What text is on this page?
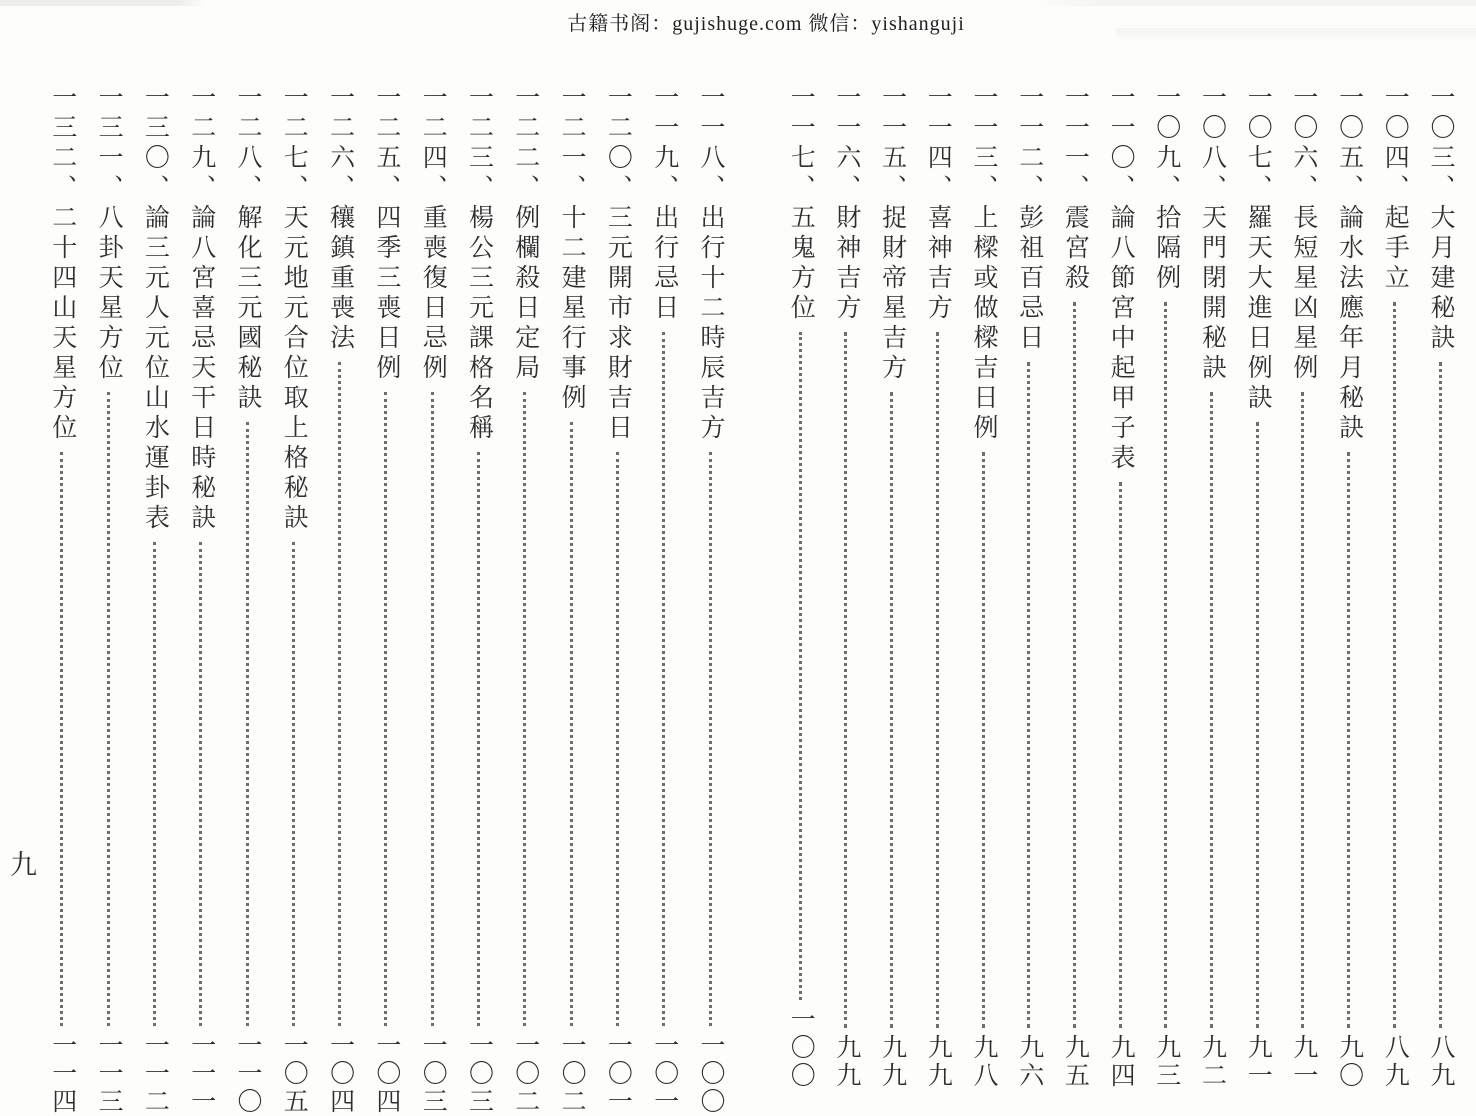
古籍书阁：gujishuge.com 微信：yishanguji
一〇三、大月建秘訣
八九
一〇四、起手立
八九
一〇五、論水法應年月秘訣
九〇
一〇六、長短星凶星例
九一
一〇七、羅天大進日例訣
九一
一〇八、天門閉開秘訣
九二
一〇九、拾隔例
九三
一一〇、論八節宮中起甲子表
九四
一一一、震宮殺
九五
一一二、彭祖百忌日
九六
一一三、上樑或做樑吉日例
九八
一一四、喜神吉方
九九
一一五、捉財帝星吉方
九九
一一六、財神吉方
九九
一一七、五鬼方位
一〇〇
一一八、出行十二時辰吉方
一〇〇
一一九、出行忌日
一〇一
一二〇、三元開市求財吉日
一〇一
一二一、十二建星行事例
一〇二
一二二、例欄殺日定局
一〇二
一二三、楊公三元課格名稱
一〇三
一二四、重喪復日忌例
一〇三
一二五、四季三喪日例
一〇四
一二六、穰鎮重喪法
一〇四
一二七、天元地元合位取上格秘訣
一〇五
一二八、解化三元國秘訣
一一〇
一二九、論八宮喜忌天干日時秘訣
一一一
一三〇、論三元人元位山水運卦表
一一二
一三一、八卦天星方位
一一三
一三二、二十四山天星方位
一一四
九
